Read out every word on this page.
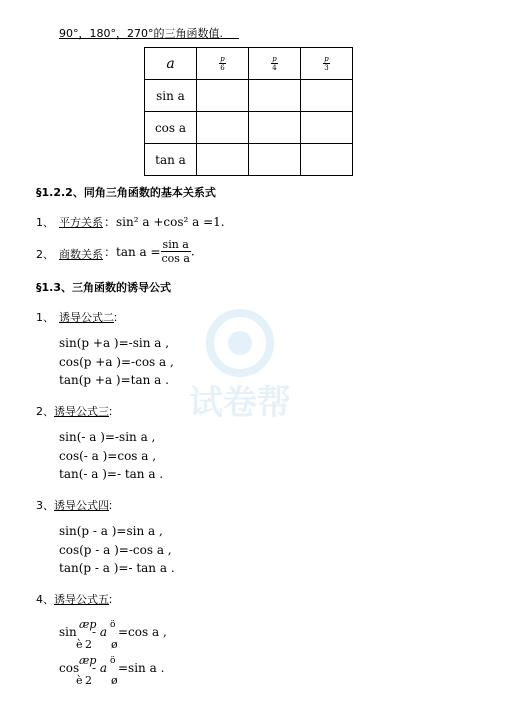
试卷帮
90°，180°，270°的三角函数值.
a	$\frac{p}{6}$	$\frac{p}{4}$	$\frac{p}{3}$

sin a			
cos a			
tan a			
§1.2.2、同角三角函数的基本关系式
1、 平方关系 ：sin² a +cos² a =1.
2、 商数关系 ：$\tan a = \frac{\text{sin a}}{\text{cos a}}$ .
§1.3、三角函数的诱导公式
1、 诱导公式二 ：
sin(p +a )=-sin a ,
cos(p +a )=-cos a ,
tan(p +a )=tan a .
2、 诱导公式三 ：
sin(- a )=-sin a ,
cos(- a )=cos a ,
tan(- a )=- tan a .
3、 诱导公式四 ：
sin(p - a )=sin a ,
cos(p - a )=-cos a ,
tan(p - a )=- tan a .
4、 诱导公式五 ：
sin
æp
- a ö =cos a ,
è 2 ø
cos
æp
- a ö =sin a .
è 2 ø
